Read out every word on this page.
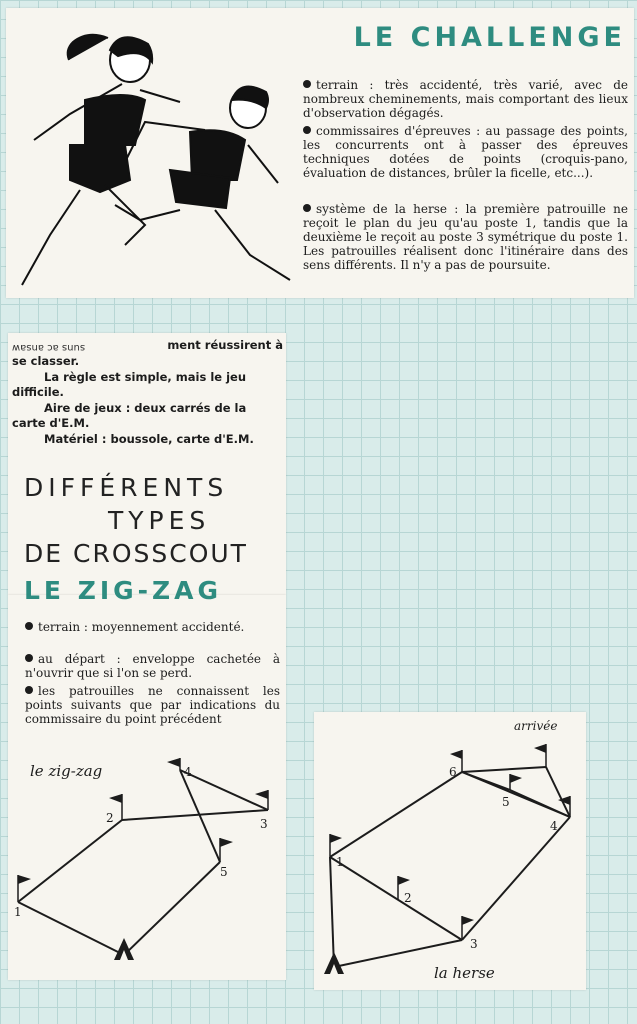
LE CHALLENGE
terrain : très accidenté, très varié, avec de nombreux cheminements, mais comportant des lieux d'observation dégagés.
commissaires d'épreuves : au passage des points, les concurrents ont à passer des épreuves techniques dotées de points (croquis-pano, évaluation de distances, brûler la ficelle, etc...).
système de la herse : la première patrouille ne reçoit le plan du jeu qu'au poste 1, tandis que la deuxième le reçoit au poste 3 symétrique du poste 1. Les patrouilles réalisent donc l'itinéraire dans des sens différents. Il n'y a pas de poursuite.
suns ac ansaw	ment réussirent à
se classer.
La règle est simple, mais le jeu difficile.
Aire de jeux : deux carrés de la carte d'E.M.
Matériel : boussole, carte d'E.M.
DIFFÉRENTS
TYPES
DE CROSSCOUT
LE ZIG-ZAG
terrain : moyennement accidenté.
au départ : enveloppe cachetée à n'ouvrir que si l'on se perd.
les patrouilles ne connaissent les points suivants que par indications du commissaire du point précédent
le zig-zag
1
2	3
4
5
arrivée
la herse
1
2
3
4
5
6
